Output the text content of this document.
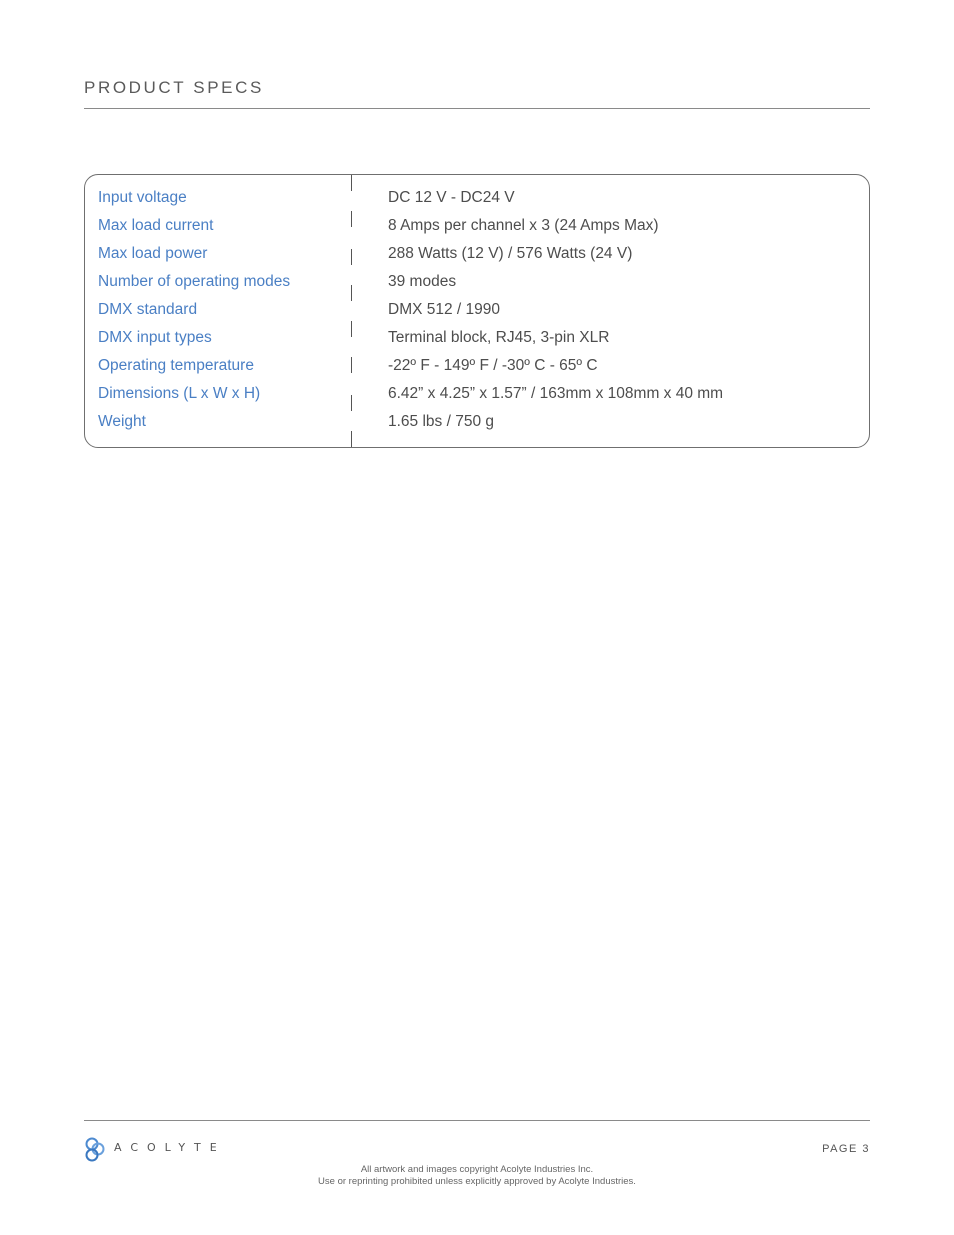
PRODUCT SPECS
Input voltage	DC 12 V - DC24 V
Max load current	8 Amps per channel x 3 (24 Amps Max)
Max load power	288 Watts (12 V) / 576 Watts (24 V)
Number of operating modes	39 modes
DMX standard	DMX 512 / 1990
DMX input types	Terminal block, RJ45, 3-pin XLR
Operating temperature	-22º F - 149º F / -30º C - 65º C
Dimensions (L x W x H)	6.42” x 4.25” x 1.57” / 163mm x 108mm x 40 mm
Weight	1.65 lbs / 750 g
ACOLYTE	PAGE 3
All artwork and images copyright Acolyte Industries Inc.
Use or reprinting prohibited unless explicitly approved by Acolyte Industries.
